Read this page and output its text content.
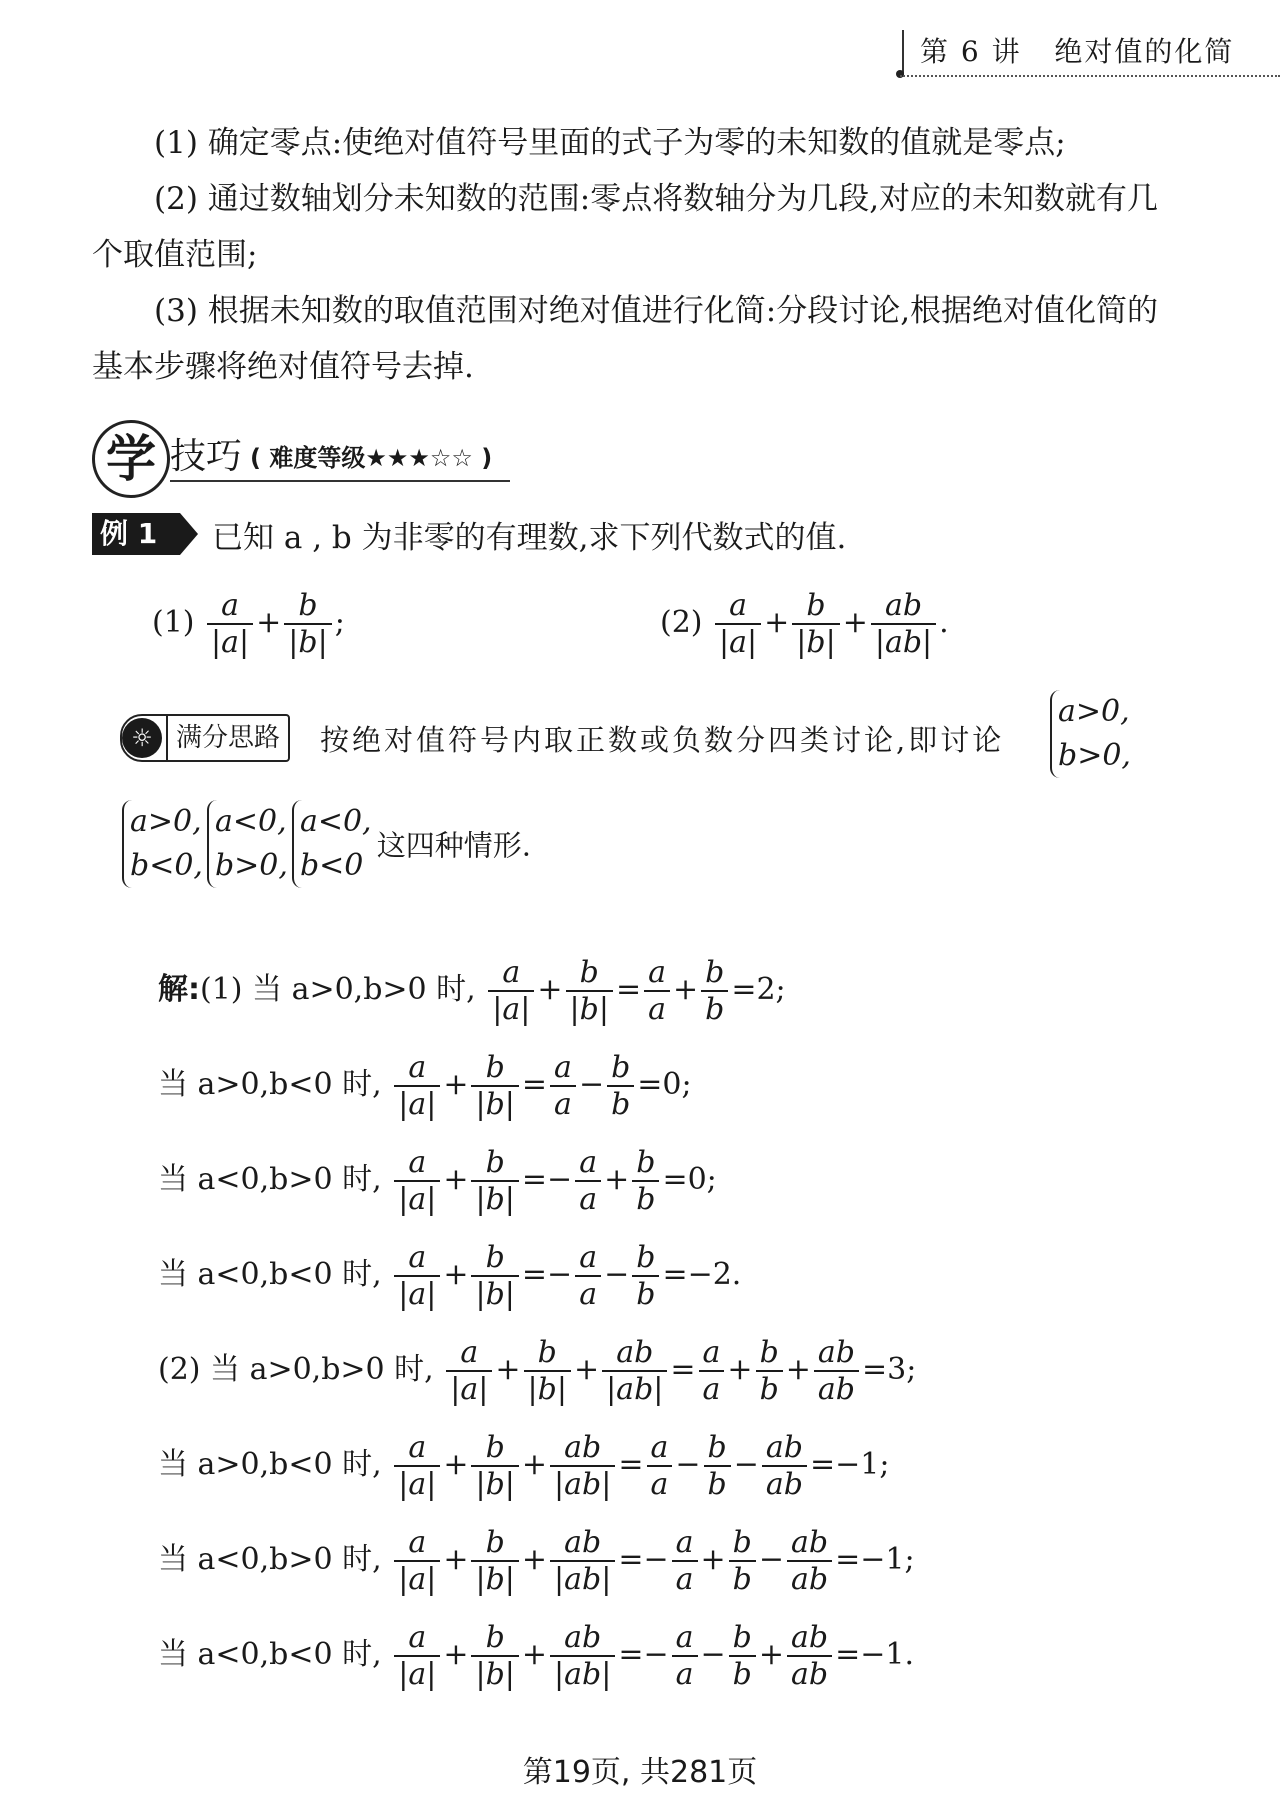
第 6 讲 绝对值的化简
(1) 确定零点:使绝对值符号里面的式子为零的未知数的值就是零点;
(2) 通过数轴划分未知数的范围:零点将数轴分为几段,对应的未知数就有几个取值范围;
(3) 根据未知数的取值范围对绝对值进行化简:分段讨论,根据绝对值化简的基本步骤将绝对值符号去掉.
学 技巧 ( 难度等级★★★☆☆ )
例 1	已知 a , b 为非零的有理数,求下列代数式的值.
$(1) \frac{a}{|a|} + \frac{b}{|b|}$ ;	$(2) \frac{a}{|a|} + \frac{b}{|b|} + \frac{ab}{|ab|}$ .
☼ 满分思路 按绝对值符号内取正数或负数分四类讨论,即讨论
a>0,
b>0,
a>0,
b<0,a<0,
b>0,a<0,
b<0 这四种情形.
解:(1) 当 a>0,b>0 时, $\frac{a}{|a|} + \frac{b}{|b|} = \frac{a}{a} + \frac{b}{b} =2$;
当 a>0,b<0 时, $\frac{a}{|a|} + \frac{b}{|b|} = \frac{a}{a} - \frac{b}{b} =0$;
当 a<0,b>0 时, $\frac{a}{|a|} + \frac{b}{|b|} =- \frac{a}{a} + \frac{b}{b} =0$;
当 a<0,b<0 时, $\frac{a}{|a|} + \frac{b}{|b|} =- \frac{a}{a} - \frac{b}{b} =-2$.
(2) 当 a>0,b>0 时, $\frac{a}{|a|} + \frac{b}{|b|} + \frac{ab}{|ab|} = \frac{a}{a} + \frac{b}{b} + \frac{ab}{ab} =3$;
当 a>0,b<0 时, $\frac{a}{|a|} + \frac{b}{|b|} + \frac{ab}{|ab|} = \frac{a}{a} - \frac{b}{b} - \frac{ab}{ab} =-1$;
当 a<0,b>0 时, $\frac{a}{|a|} + \frac{b}{|b|} + \frac{ab}{|ab|} =- \frac{a}{a} + \frac{b}{b} - \frac{ab}{ab} =-1$;
当 a<0,b<0 时, $\frac{a}{|a|} + \frac{b}{|b|} + \frac{ab}{|ab|} =- \frac{a}{a} - \frac{b}{b} + \frac{ab}{ab} =-1$.
第19页, 共281页
